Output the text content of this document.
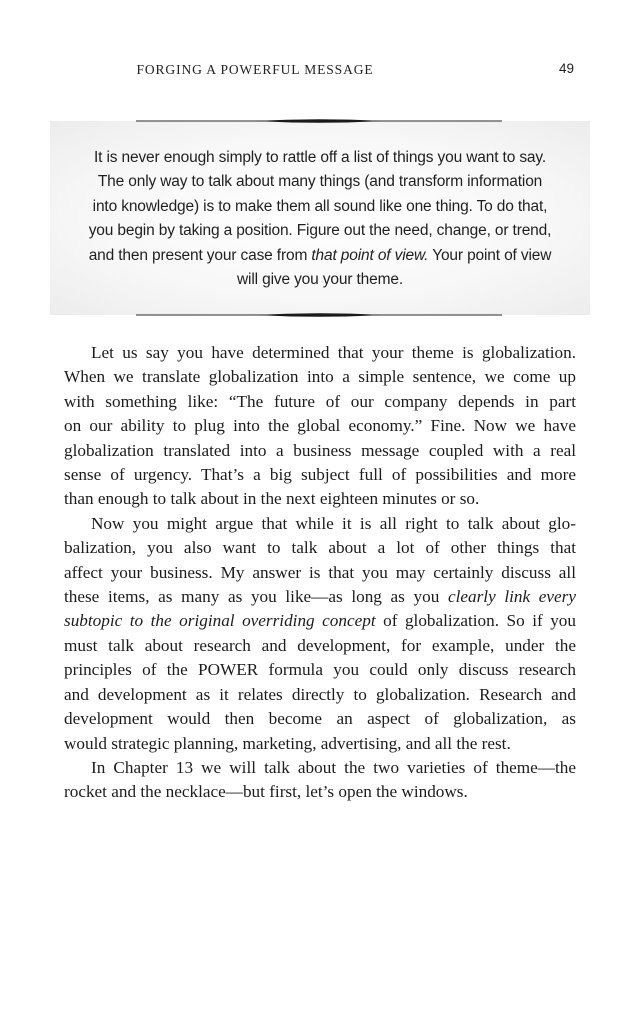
FORGING A POWERFUL MESSAGE	49
It is never enough simply to rattle off a list of things you want to say.
The only way to talk about many things (and transform information
into knowledge) is to make them all sound like one thing. To do that,
you begin by taking a position. Figure out the need, change, or trend,
and then present your case from that point of view. Your point of view
will give you your theme.
Let us say you have determined that your theme is globalization.
When we translate globalization into a simple sentence, we come up
with something like: “The future of our company depends in part
on our ability to plug into the global economy.” Fine. Now we have
globalization translated into a business message coupled with a real
sense of urgency. That’s a big subject full of possibilities and more
than enough to talk about in the next eighteen minutes or so.
Now you might argue that while it is all right to talk about glo-
balization, you also want to talk about a lot of other things that
affect your business. My answer is that you may certainly discuss all
these items, as many as you like—as long as you clearly link every
subtopic to the original overriding concept of globalization. So if you
must talk about research and development, for example, under the
principles of the POWER formula you could only discuss research
and development as it relates directly to globalization. Research and
development would then become an aspect of globalization, as
would strategic planning, marketing, advertising, and all the rest.
In Chapter 13 we will talk about the two varieties of theme—the
rocket and the necklace—but first, let’s open the windows.
